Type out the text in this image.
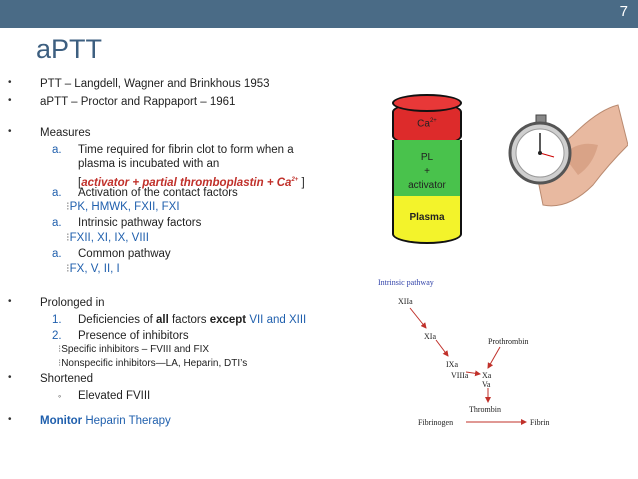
7
aPTT
• PTT – Langdell, Wagner and Brinkhous 1953
• aPTT – Proctor and Rappaport – 1961
• Measures
a. Time required for fibrin clot to form when a
plasma is incubated with an
[activator + partial thromboplastin + $Ca^{2+}$ ]
a. Activation of the contact factors
⁝PK, HMWK, FXII, FXI
a. Intrinsic pathway factors
⁝FXII, XI, IX, VIII
a. Common pathway
⁝FX, V, II, I
• Prolonged in
1. Deficiencies of all factors except VII and XIII
2. Presence of inhibitors
⁝Specific inhibitors – FVIII and FIX
⁝Nonspecific inhibitors—LA, Heparin, DTI’s
• Shortened
◦ Elevated FVIII
• Monitor Heparin Therapy
$Ca^{2+}$
PL
+
activator
Plasma
Intrinsic pathway
XIIa
XIa
Prothrombin
IXa
VIIIa Xa
Va
Thrombin
Fibrinogen	Fibrin
